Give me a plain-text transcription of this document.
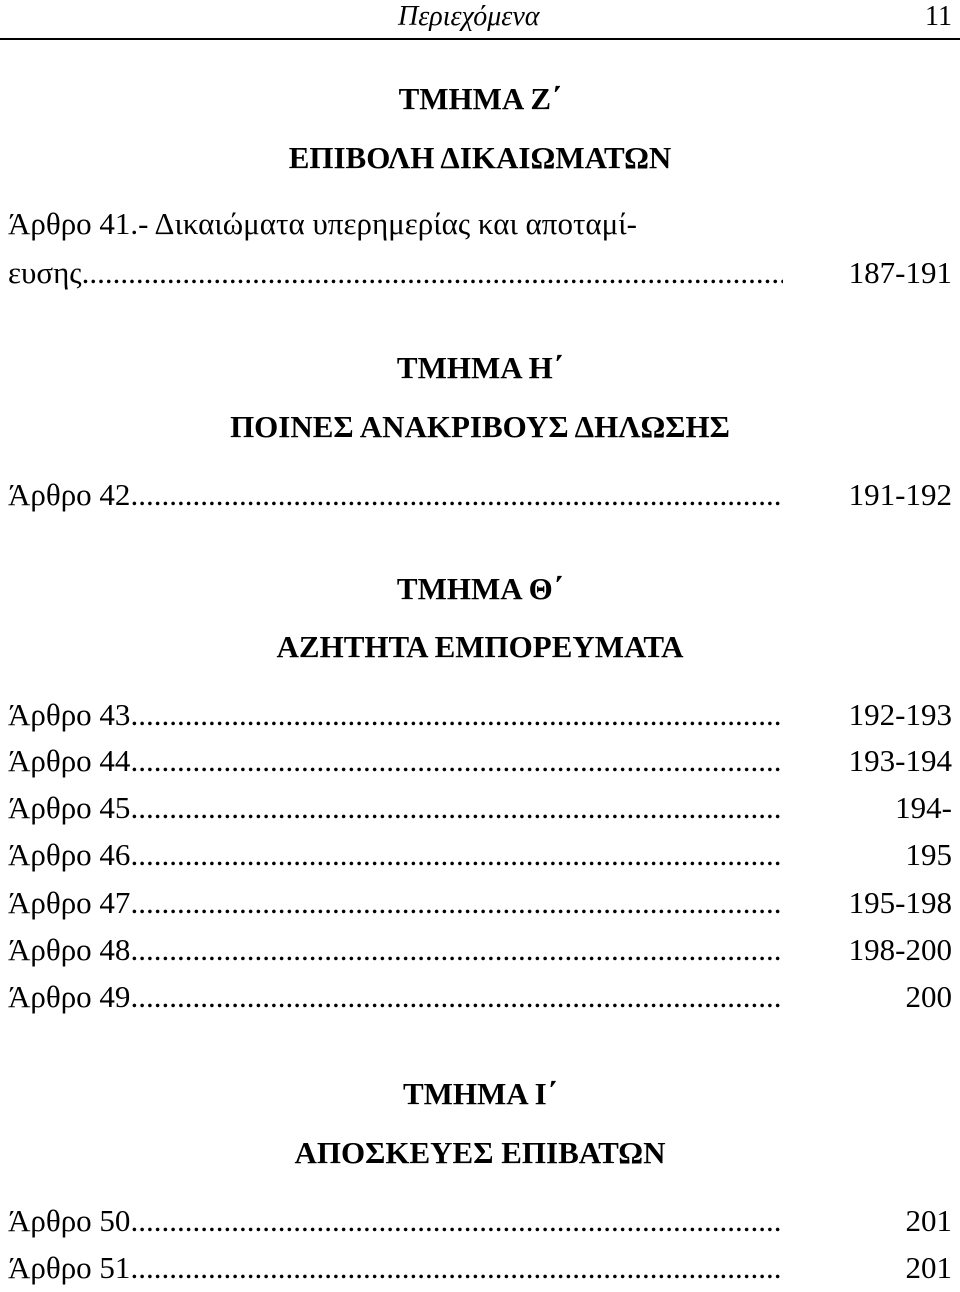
Περιεχόμενα	11
ΤΜΗΜΑ Ζ΄
ΕΠΙΒΟΛΗ ΔΙΚΑΙΩΜΑΤΩΝ
Άρθρο 41.- Δικαιώματα υπερημερίας και αποταμί-
ευσης .....	187-191
ΤΜΗΜΑ Η΄
ΠΟΙΝΕΣ ΑΝΑΚΡΙΒΟΥΣ ΔΗΛΩΣΗΣ
Άρθρο 42 .....	191-192
ΤΜΗΜΑ Θ΄
ΑΖΗΤΗΤΑ ΕΜΠΟΡΕΥΜΑΤΑ
Άρθρο 43 .....	192-193
Άρθρο 44 .....	193-194
Άρθρο 45 .....	194-
Άρθρο 46 .....	195
Άρθρο 47 .....	195-198
Άρθρο 48 .....	198-200
Άρθρο 49 .....	200
ΤΜΗΜΑ Ι΄
ΑΠΟΣΚΕΥΕΣ ΕΠΙΒΑΤΩΝ
Άρθρο 50 .....	201
Άρθρο 51 .....	201
